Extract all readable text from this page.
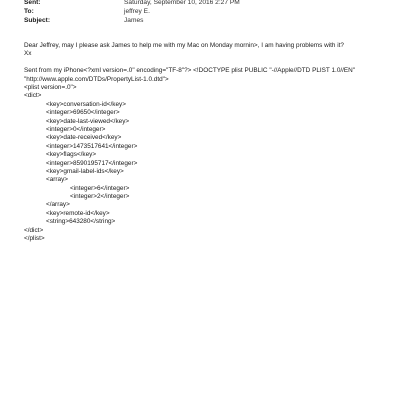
Sent:	Saturday, September 10, 2016 2:27 PM
To:	jeffrey E.
Subject:	James
Dear Jeffrey, may I please ask James to help me with my Mac on Monday mornin>, I am having problems with it?
Xx
Sent from my iPhone<?xml version=.0" encoding="TF-8"?> <!DOCTYPE plist PUBLIC "-//Apple//DTD PLIST 1.0//EN"
"http://www.apple.com/DTDs/PropertyList-1.0.dtd">
<plist version=.0">
<dict>
<key>conversation-id</key>
<integer>69650</integer>
<key>date-last-viewed</key>
<integer>0</integer>
<key>date-received</key>
<integer>1473517641</integer>
<key>flags</key>
<integer>8590195717</integer>
<key>gmail-label-ids</key>
<array>
<integer>6</integer>
<integer>2</integer>
</array>
<key>remote-id</key>
<string>643280</string>
</dict>
</plist>
